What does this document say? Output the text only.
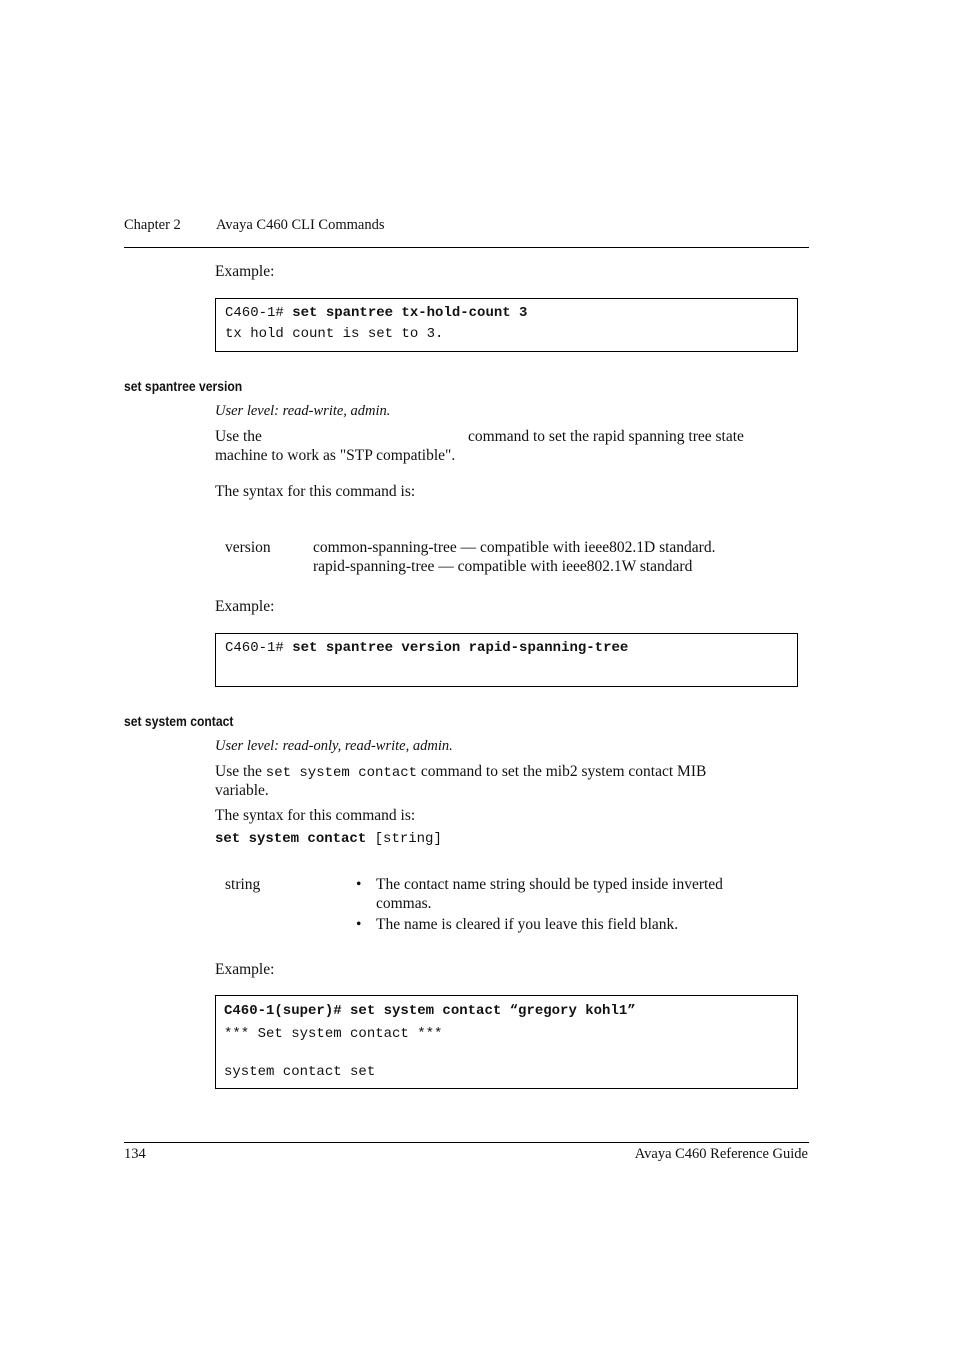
Chapter 2 Avaya C460 CLI Commands
Example:
C460-1# set spantree tx-hold-count 3
tx hold count is set to 3.
set spantree version
User level: read-write, admin.
Use the	command to set the rapid spanning tree state
machine to work as "STP compatible".
The syntax for this command is:
version	common-spanning-tree — compatible with ieee802.1D standard.
rapid-spanning-tree — compatible with ieee802.1W standard
Example:
C460-1# set spantree version rapid-spanning-tree
set system contact
User level: read-only, read-write, admin.
Use the set system contact command to set the mib2 system contact MIB
variable.
The syntax for this command is:
set system contact [string]
string	• The contact name string should be typed inside inverted
commas.
• The name is cleared if you leave this field blank.
Example:
C460-1(super)# set system contact “gregory kohl1”
*** Set system contact ***
system contact set
134	Avaya C460 Reference Guide
